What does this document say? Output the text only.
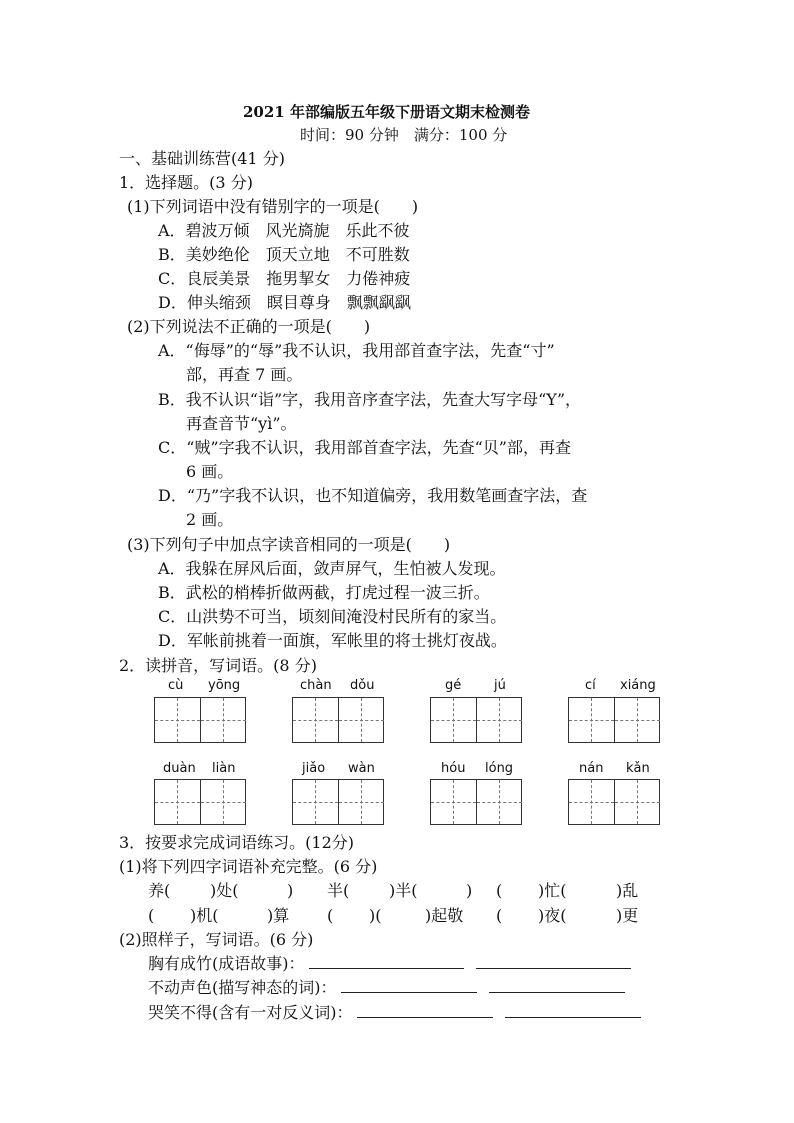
2021 年部编版五年级下册语文期末检测卷
时间：90 分钟　满分：100 分
一、基础训练营(41 分)
1．选择题。(3 分)
(1)下列词语中没有错别字的一项是(　　)
A．碧波万倾　风光旖旎　乐此不彼
B．美妙绝伦　顶天立地　不可胜数
C．良辰美景　拖男挈女　力倦神疲
D．伸头缩颈　瞑目尊身　飘飘飖飖
(2)下列说法不正确的一项是(　　)
A．“侮辱”的“辱”我不认识，我用部首查字法，先查“寸”
部，再查 7 画。
B．我不认识“诣”字，我用音序查字法，先查大写字母“Y”，
再查音节“yì”。
C．“贼”字我不认识，我用部首查字法，先查“贝”部，再查
6 画。
D．“乃”字我不认识，也不知道偏旁，我用数笔画查字法，查
2 画。
(3)下列句子中加点字读音相同的一项是(　　)
A．我躲在屏风后面，敛声屏气，生怕被人发现。
B．武松的梢棒折做两截，打虎过程一波三折。
C．山洪势不可当，顷刻间淹没村民所有的家当。
D．军帐前挑着一面旗，军帐里的将士挑灯夜战。
2．读拼音，写词语。(8 分)
cù yōng	chàn dǒu	gé	jú	cí xiáng
duàn liàn	jiǎo wàn	hóu lóng	nán kǎn
3．按要求完成词语练习。(12分)
(1)将下列四字词语补充完整。(6 分)
养( )处(	) 半( )半(	) ( )忙(	)乱
( )机(	)算 ( )(	)起敬 ( )夜(	)更
(2)照样子，写词语。(6 分)
胸有成竹(成语故事)：
不动声色(描写神态的词)：
哭笑不得(含有一对反义词)：
